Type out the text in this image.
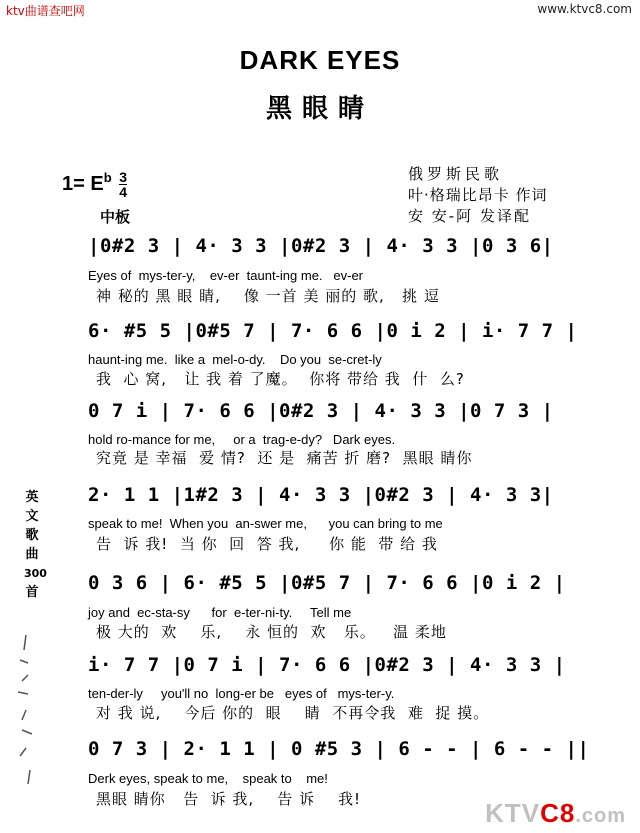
ktv曲谱查吧网	www.ktvc8.com
DARK EYES
黑眼睛
$1= E^b \frac{3}{4}$
中板
俄罗斯民歌
叶·格瑞比昂卡 作词
安 安-阿 发译配
|0#2 3 | 4· 3 3 |0#2 3 | 4· 3 3 |0 3 6|
Eyes of  mys-ter-y,    ev-er  taunt-ing me.   ev-er
神 秘的 黑 眼 睛,    像 一首 美 丽的 歌,   挑 逗
6· #5 5 |0#5 7 | 7· 6 6 |0 i 2 | i· 7 7 |
haunt-ing me.  like a  mel-o-dy.    Do you  se-cret-ly
我  心 窝,   让 我 着 了魔。  你将 带给 我  什  么?
0 7 i | 7· 6 6 |0#2 3 | 4· 3 3 |0 7 3 |
hold ro-mance for me,     or a  trag-e-dy?   Dark eyes.
究竟 是 幸福  爱 情?  还 是  痛苦 折 磨?  黑眼 睛你
2· 1 1 |1#2 3 | 4· 3 3 |0#2 3 | 4· 3 3|
speak to me!  When you  an-swer me,      you can bring to me
告  诉 我!  当 你  回  答 我,     你 能  带 给 我
0 3 6 | 6· #5 5 |0#5 7 | 7· 6 6 |0 i 2 |
joy and  ec-sta-sy      for  e-ter-ni-ty.     Tell me
极 大的  欢    乐,    永 恒的  欢   乐。   温 柔地
i· 7 7 |0 7 i | 7· 6 6 |0#2 3 | 4· 3 3 |
ten-der-ly     you'll no  long-er be   eyes of   mys-ter-y.
对 我 说,    今后 你的  眼    睛  不再令我  难  捉 摸。
0 7 3 | 2· 1 1 | 0 #5 3 | 6 - - | 6 - - ||
Derk eyes, speak to me,    speak to    me!
黑眼 睛你   告  诉 我,    告 诉    我!
英
文
歌
曲
300
首
KTVC8.com
